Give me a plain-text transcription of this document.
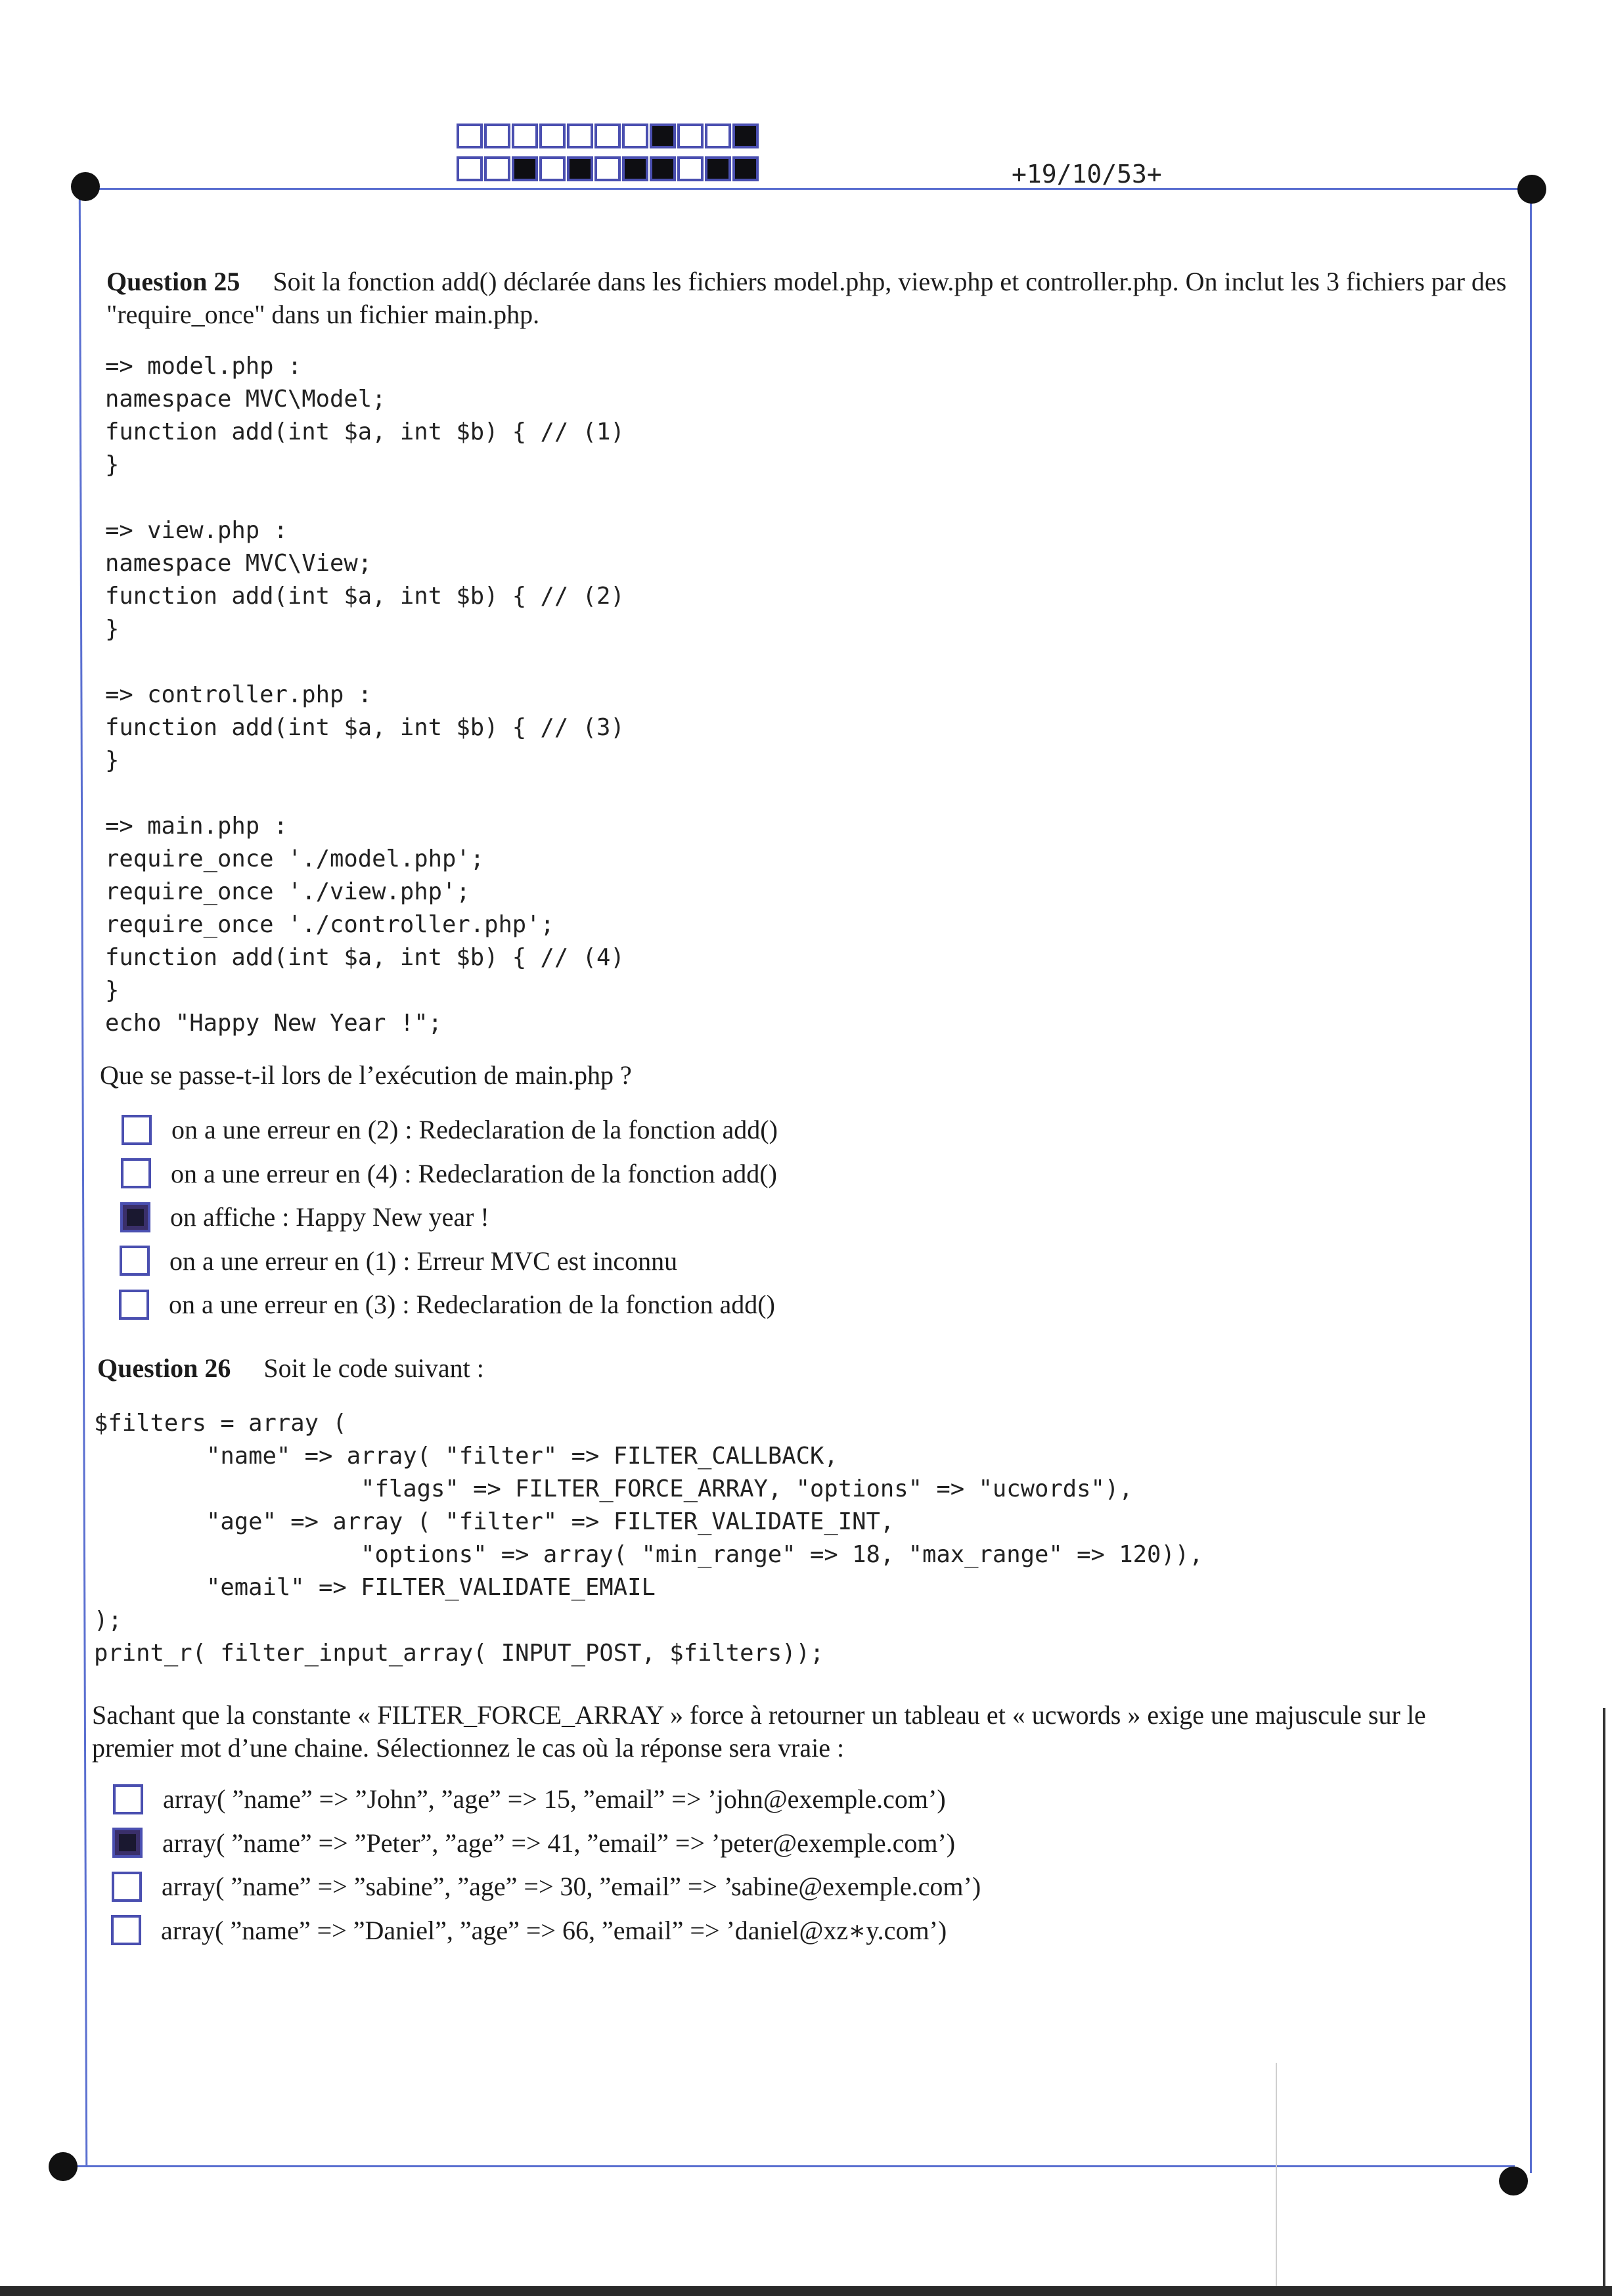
+19/10/53+
Question 25 Soit la fonction add() déclarée dans les fichiers model.php, view.php et controller.php. On inclut les 3 fichiers par des "require_once" dans un fichier main.php.
=> model.php :
namespace MVC\Model;
function add(int $a, int $b) { // (1)
}

=> view.php :
namespace MVC\View;
function add(int $a, int $b) { // (2)
}

=> controller.php :
function add(int $a, int $b) { // (3)
}

=> main.php :
require_once './model.php';
require_once './view.php';
require_once './controller.php';
function add(int $a, int $b) { // (4)
}
echo "Happy New Year !";
Que se passe-t-il lors de l’exécution de main.php ?
on a une erreur en (2) : Redeclaration de la fonction add()
on a une erreur en (4) : Redeclaration de la fonction add()
on affiche : Happy New year !
on a une erreur en (1) : Erreur MVC est inconnu
on a une erreur en (3) : Redeclaration de la fonction add()
Question 26 Soit le code suivant :
$filters = array (
"name" => array( "filter" => FILTER_CALLBACK,
"flags" => FILTER_FORCE_ARRAY, "options" => "ucwords"),
"age" => array ( "filter" => FILTER_VALIDATE_INT,
"options" => array( "min_range" => 18, "max_range" => 120)),
"email" => FILTER_VALIDATE_EMAIL
);
print_r( filter_input_array( INPUT_POST, $filters));
Sachant que la constante « FILTER_FORCE_ARRAY » force à retourner un tableau et « ucwords » exige une majuscule sur le premier mot d’une chaine. Sélectionnez le cas où la réponse sera vraie :
array( ”name” => ”John”, ”age” => 15, ”email” => ’john@exemple.com’)
array( ”name” => ”Peter”, ”age” => 41, ”email” => ’peter@exemple.com’)
array( ”name” => ”sabine”, ”age” => 30, ”email” => ’sabine@exemple.com’)
array( ”name” => ”Daniel”, ”age” => 66, ”email” => ’daniel@xz∗y.com’)
